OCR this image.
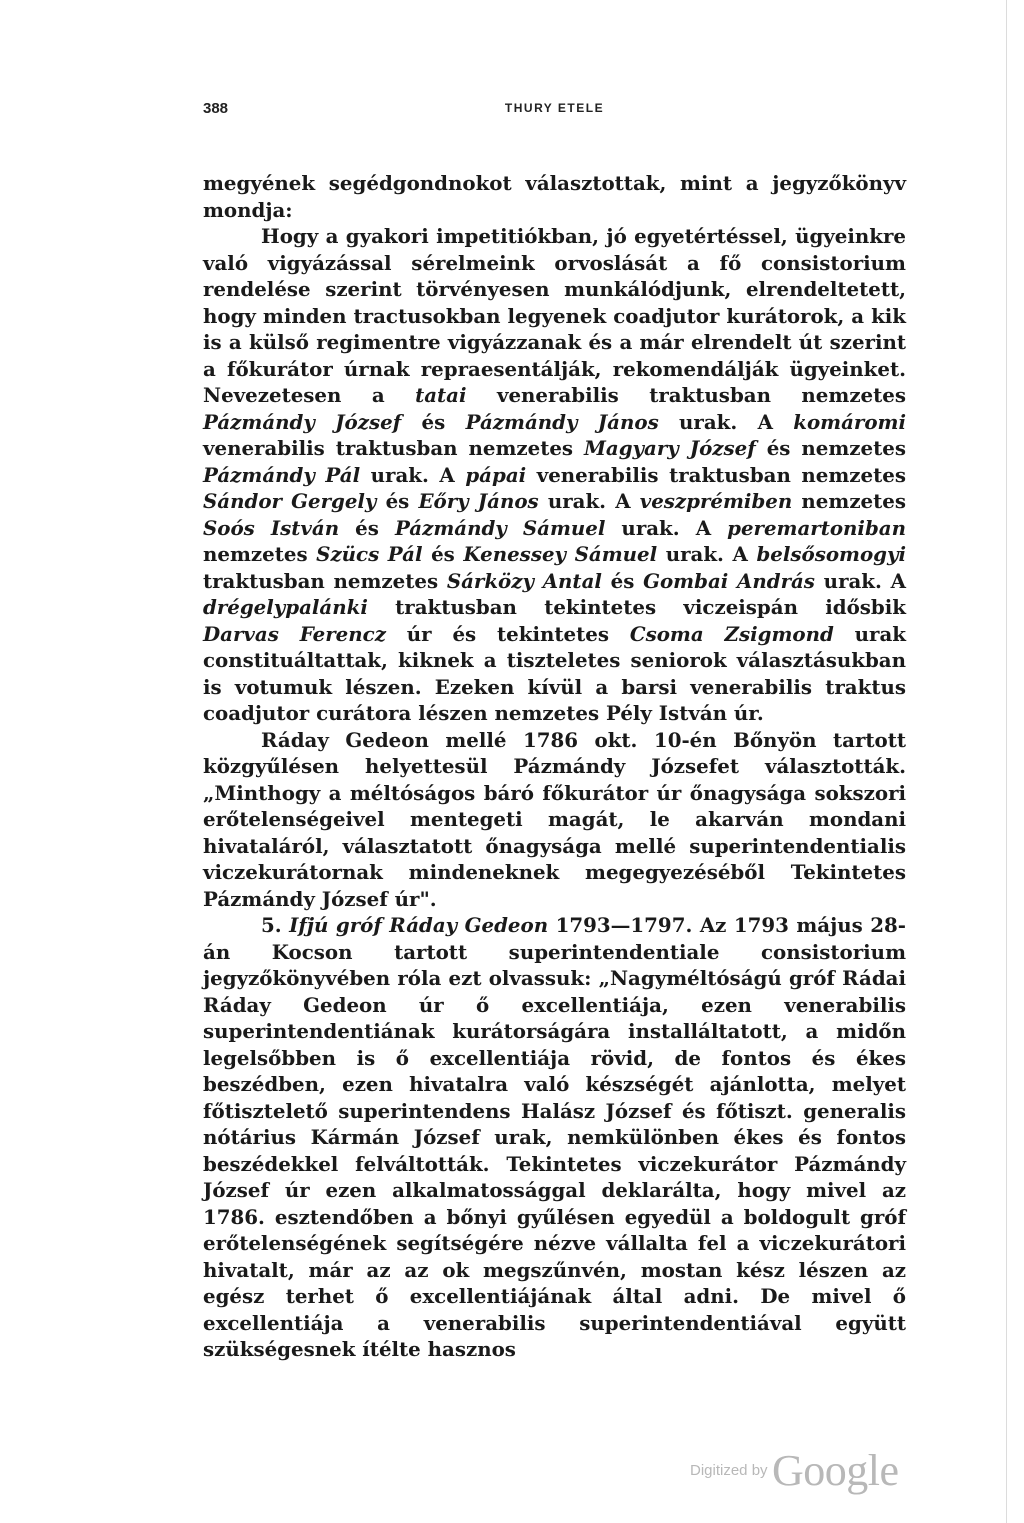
388	THURY ETELE

megyének segédgondnokot választottak, mint a jegyzőkönyv mondja:

Hogy a gyakori impetitiókban, jó egyetértéssel, ügyeinkre való vigyázással sérelmeink orvoslását a fő consistorium rendelése szerint törvényesen munkálódjunk, elrendeltetett, hogy minden tractusokban legyenek coadjutor kurátorok, a kik is a külső regimentre vigyázzanak és a már elrendelt út szerint a főkurátor úrnak repraesentálják, rekomendálják ügyeinket. Nevezetesen a tatai venerabilis traktusban nemzetes Pázmándy József és Pázmándy János urak. A komáromi venerabilis traktusban nemzetes Magyary József és nemzetes Pázmándy Pál urak. A pápai venerabilis traktusban nemzetes Sándor Gergely és Eőry János urak. A veszprémiben nemzetes Soós István és Pázmándy Sámuel urak. A peremartoniban nemzetes Szücs Pál és Kenessey Sámuel urak. A belsősomogyi traktusban nemzetes Sárközy Antal és Gombai András urak. A drégelypalánki traktusban tekintetes viczeispán idősbik Darvas Ferencz úr és tekintetes Csoma Zsigmond urak constituáltattak, kiknek a tiszteletes seniorok választásukban is votumuk lészen. Ezeken kívül a barsi venerabilis traktus coadjutor curátora lészen nemzetes Pély István úr.

Ráday Gedeon mellé 1786 okt. 10-én Bőnyön tartott közgyűlésen helyettesül Pázmándy Józsefet választották. „Minthogy a méltóságos báró főkurátor úr őnagysága sokszori erőtelenségeivel mentegeti magát, le akarván mondani hivataláról, választatott őnagysága mellé superintendentialis viczekurátornak mindeneknek megegyezéséből Tekintetes Pázmándy József úr".

5. Ifjú gróf Ráday Gedeon 1793—1797. Az 1793 május 28-án Kocson tartott superintendentiale consistorium jegyzőkönyvében róla ezt olvassuk: „Nagyméltóságú gróf Rádai Ráday Gedeon úr ő excellentiája, ezen venerabilis superintendentiának kurátorságára installáltatott, a midőn legelsőbben is ő excellentiája rövid, de fontos és ékes beszédben, ezen hivatalra való készségét ajánlotta, melyet főtisztelető superintendens Halász József és főtiszt. generalis nótárius Kármán József urak, nemkülönben ékes és fontos beszédekkel felváltották. Tekintetes viczekurátor Pázmándy József úr ezen alkalmatossággal deklarálta, hogy mivel az 1786. esztendőben a bőnyi gyűlésen egyedül a boldogult gróf erőtelenségének segítségére nézve vállalta fel a viczekurátori hivatalt, már az az ok megszűnvén, mostan kész lészen az egész terhet ő excellentiájának által adni. De mivel ő excellentiája a venerabilis superintendentiával együtt szükségesnek ítélte hasznos

Digitized by Google
